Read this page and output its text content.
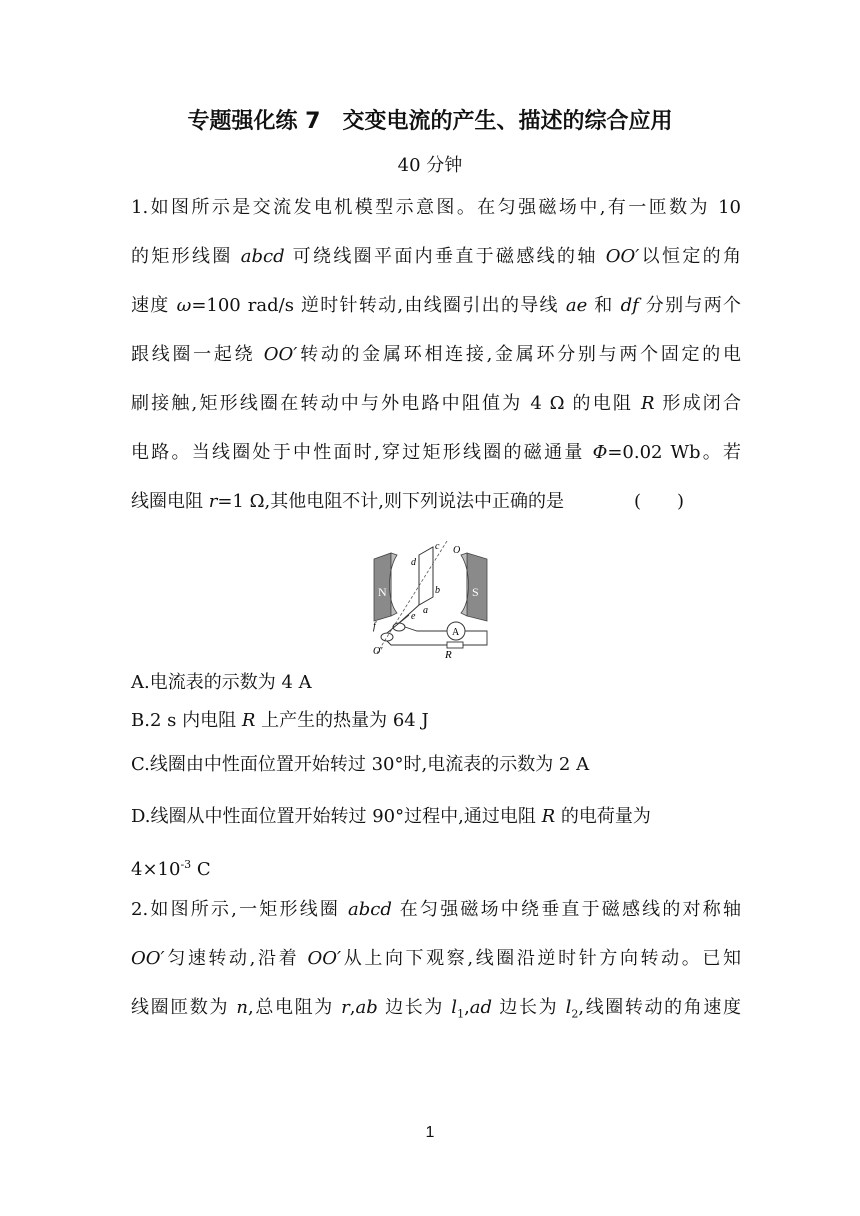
专题强化练 7　交变电流的产生、描述的综合应用
40 分钟
1.如图所示是交流发电机模型示意图。在匀强磁场中,有一匝数为 10
的矩形线圈 abcd 可绕线圈平面内垂直于磁感线的轴 OO′以恒定的角
速度 ω=100 rad/s 逆时针转动,由线圈引出的导线 ae 和 df 分别与两个
跟线圈一起绕 OO′转动的金属环相连接,金属环分别与两个固定的电
刷接触,矩形线圈在转动中与外电路中阻值为 4 Ω 的电阻 R 形成闭合
电路。当线圈处于中性面时,穿过矩形线圈的磁通量 Φ=0.02 Wb。若
线圈电阻 r=1 Ω,其他电阻不计,则下列说法中正确的是	(　　)
N	S
A
R
c
d
b
a
e
f
O
O′
A.电流表的示数为 4 A
B.2 s 内电阻 R 上产生的热量为 64 J
C.线圈由中性面位置开始转过 30°时,电流表的示数为 2 A
D.线圈从中性面位置开始转过 90°过程中,通过电阻 R 的电荷量为
$4\times 10^{-3}$ C
2.如图所示,一矩形线圈 abcd 在匀强磁场中绕垂直于磁感线的对称轴
OO′匀速转动,沿着 OO′从上向下观察,线圈沿逆时针方向转动。已知
线圈匝数为 n,总电阻为 r,ab 边长为 $l_1,ad$ 边长为 $l_2$,线圈转动的角速度
1
